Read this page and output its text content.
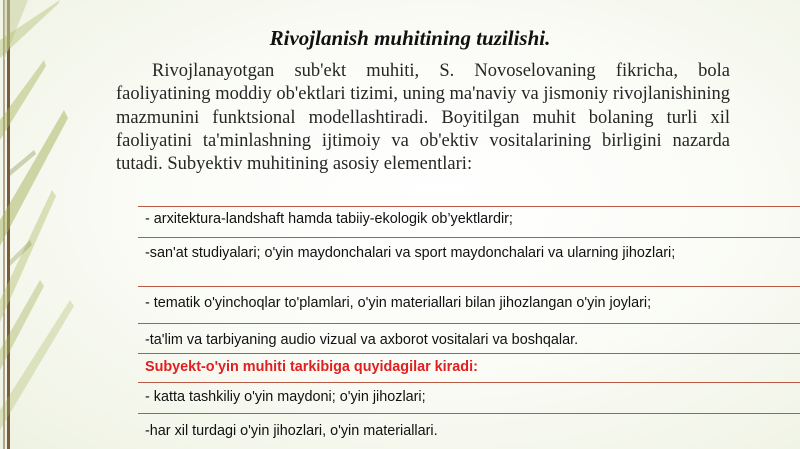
Rivojlanish muhitining tuzilishi.

Rivojlanayotgan sub'ekt muhiti, S. Novoselovaning fikricha, bola faoliyatining moddiy ob'ektlari tizimi, uning ma'naviy va jismoniy rivojlanishining mazmunini funktsional modellashtiradi. Boyitilgan muhit bolaning turli xil faoliyatini ta'minlashning ijtimoiy va ob'ektiv vositalarining birligini nazarda tutadi. Subyektiv muhitining asosiy elementlari:

- arxitektura-landshaft hamda tabiiy-ekologik ob’yektlardir;
-san'at studiyalari; o'yin maydonchalari va sport maydonchalari va ularning jihozlari;
- tematik o'yinchoqlar to'plamlari, o'yin materiallari bilan jihozlangan o'yin joylari;
-ta'lim va tarbiyaning audio vizual va axborot vositalari va boshqalar.
Subyekt-o'yin muhiti tarkibiga quyidagilar kiradi:
- katta tashkiliy o'yin maydoni; o'yin jihozlari;
-har xil turdagi o'yin jihozlari, o'yin materiallari.
